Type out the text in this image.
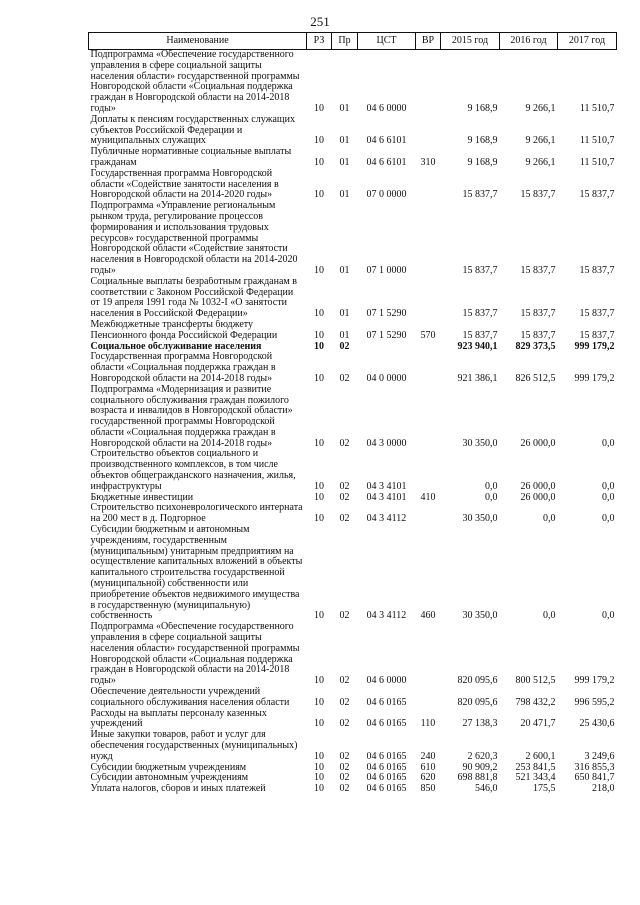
251
Наименование	РЗ	Пр	ЦСТ	ВР	2015 год	2016 год	2017 год
Подпрограмма «Обеспечение государственного управления в сфере социальной защиты населения области» государственной программы Новгородской области «Социальная поддержка граждан в Новгородской области на 2014-2018 годы»	10	01	04 6 0000		9 168,9	9 266,1	11 510,7
Доплаты к пенсиям государственных служащих субъектов Российской Федерации и муниципальных служащих	10	01	04 6 6101		9 168,9	9 266,1	11 510,7
Публичные нормативные социальные выплаты гражданам	10	01	04 6 6101	310	9 168,9	9 266,1	11 510,7
Государственная программа Новгородской области «Содействие занятости населения в Новгородской области на 2014-2020 годы»	10	01	07 0 0000		15 837,7	15 837,7	15 837,7
Подпрограмма «Управление региональным рынком труда, регулирование процессов формирования и использования трудовых ресурсов» государственной программы Новгородской области «Содействие занятости населения в Новгородской области на 2014-2020 годы»	10	01	07 1 0000		15 837,7	15 837,7	15 837,7
Социальные выплаты безработным гражданам в соответствии с Законом Российской Федерации от 19 апреля 1991 года № 1032-I «О занятости населения в Российской Федерации»	10	01	07 1 5290		15 837,7	15 837,7	15 837,7
Межбюджетные трансферты бюджету Пенсионного фонда Российской Федерации	10	01	07 1 5290	570	15 837,7	15 837,7	15 837,7
Социальное обслуживание населения	10	02			923 940,1	829 373,5	999 179,2
Государственная программа Новгородской области «Социальная поддержка граждан в Новгородской области на 2014-2018 годы»	10	02	04 0 0000		921 386,1	826 512,5	999 179,2
Подпрограмма «Модернизация и развитие социального обслуживания граждан пожилого возраста и инвалидов в Новгородской области» государственной программы Новгородской области «Социальная поддержка граждан в Новгородской области на 2014-2018 годы»	10	02	04 3 0000		30 350,0	26 000,0	0,0
Строительство объектов социального и производственного комплексов, в том числе объектов общегражданского назначения, жилья, инфраструктуры	10	02	04 3 4101		0,0	26 000,0	0,0
Бюджетные инвестиции	10	02	04 3 4101	410	0,0	26 000,0	0,0
Строительство психоневрологического интерната на 200 мест в д. Подгорное	10	02	04 3 4112		30 350,0	0,0	0,0
Субсидии бюджетным и автономным учреждениям, государственным (муниципальным) унитарным предприятиям на осуществление капитальных вложений в объекты капитального строительства государственной (муниципальной) собственности или приобретение объектов недвижимого имущества в государственную (муниципальную) собственность	10	02	04 3 4112	460	30 350,0	0,0	0,0
Подпрограмма «Обеспечение государственного управления в сфере социальной защиты населения области» государственной программы Новгородской области «Социальная поддержка граждан в Новгородской области на 2014-2018 годы»	10	02	04 6 0000		820 095,6	800 512,5	999 179,2
Обеспечение деятельности учреждений социального обслуживания населения области	10	02	04 6 0165		820 095,6	798 432,2	996 595,2
Расходы на выплаты персоналу казенных учреждений	10	02	04 6 0165	110	27 138,3	20 471,7	25 430,6
Иные закупки товаров, работ и услуг для обеспечения государственных (муниципальных) нужд	10	02	04 6 0165	240	2 620,3	2 600,1	3 249,6
Субсидии бюджетным учреждениям	10	02	04 6 0165	610	90 909,2	253 841,5	316 855,3
Субсидии автономным учреждениям	10	02	04 6 0165	620	698 881,8	521 343,4	650 841,7
Уплата налогов, сборов и иных платежей	10	02	04 6 0165	850	546,0	175,5	218,0
